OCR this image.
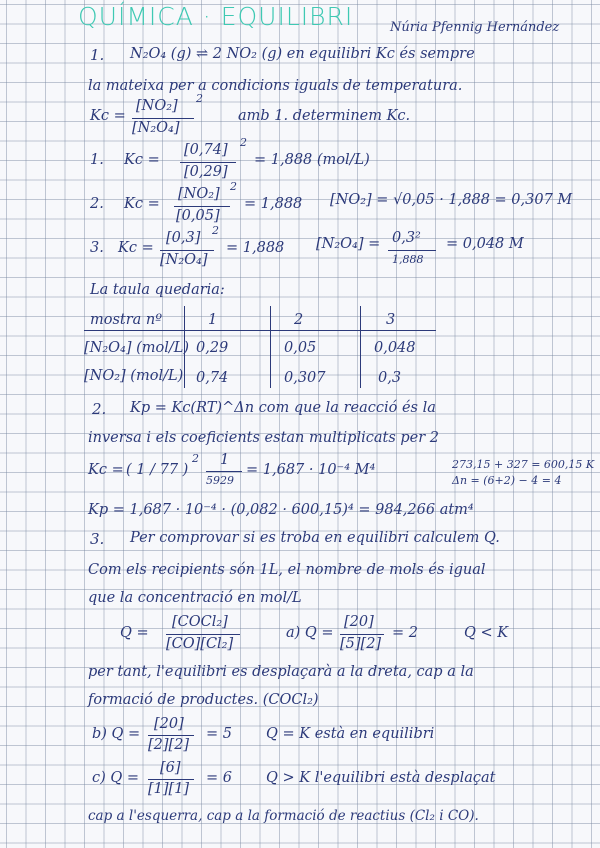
QUÍMICA · EQUILIBRI	Núria Pfennig Hernández
1. N₂O₄ (g) ⇌ 2 NO₂ (g) en equilibri Kc és sempre
la mateixa per a condicions iguals de temperatura.
Kc =
[NO₂] 2
[N₂O₄]
amb 1. determinem Kc.
1. Kc =
[0,74] 2
[0,29]
= 1,888 (mol/L)
2. Kc =
[NO₂] 2
[0,05]
= 1,888 [NO₂] = √0,05 · 1,888 = 0,307 M
3. Kc =
[0,3] 2
[N₂O₄]
= 1,888 [N₂O₄] = 0,3²
1,888
= 0,048 M
La taula quedaria:
mostra nº	1	2	3
[N₂O₄] (mol/L) 0,29	0,05	0,048
[NO₂] (mol/L) 0,74	0,307	0,3
2. Kp = Kc(RT)^Δn com que la reacció és la
inversa i els coeficients estan multiplicats per 2
Kc = ( 1 / 77 )
2 1
5929
= 1,687 · 10⁻⁴ M⁴	273,15 + 327 = 600,15 K
Δn = (6+2) − 4 = 4
Kp = 1,687 · 10⁻⁴ · (0,082 · 600,15)⁴ = 984,266 atm⁴
3. Per comprovar si es troba en equilibri calculem Q.
Com els recipients són 1L, el nombre de mols és igual
que la concentració en mol/L
Q =
[COCl₂]
[CO][Cl₂]
a) Q =
[20]
[5][2]
= 2	Q < K
per tant, l'equilibri es desplaçarà a la dreta, cap a la
formació de productes. (COCl₂)
b) Q =
[20]
[2][2]
= 5 Q = K està en equilibri
c) Q =
[6]
[1][1]
= 6 Q > K l'equilibri està desplaçat
cap a l'esquerra, cap a la formació de reactius (Cl₂ i CO).
